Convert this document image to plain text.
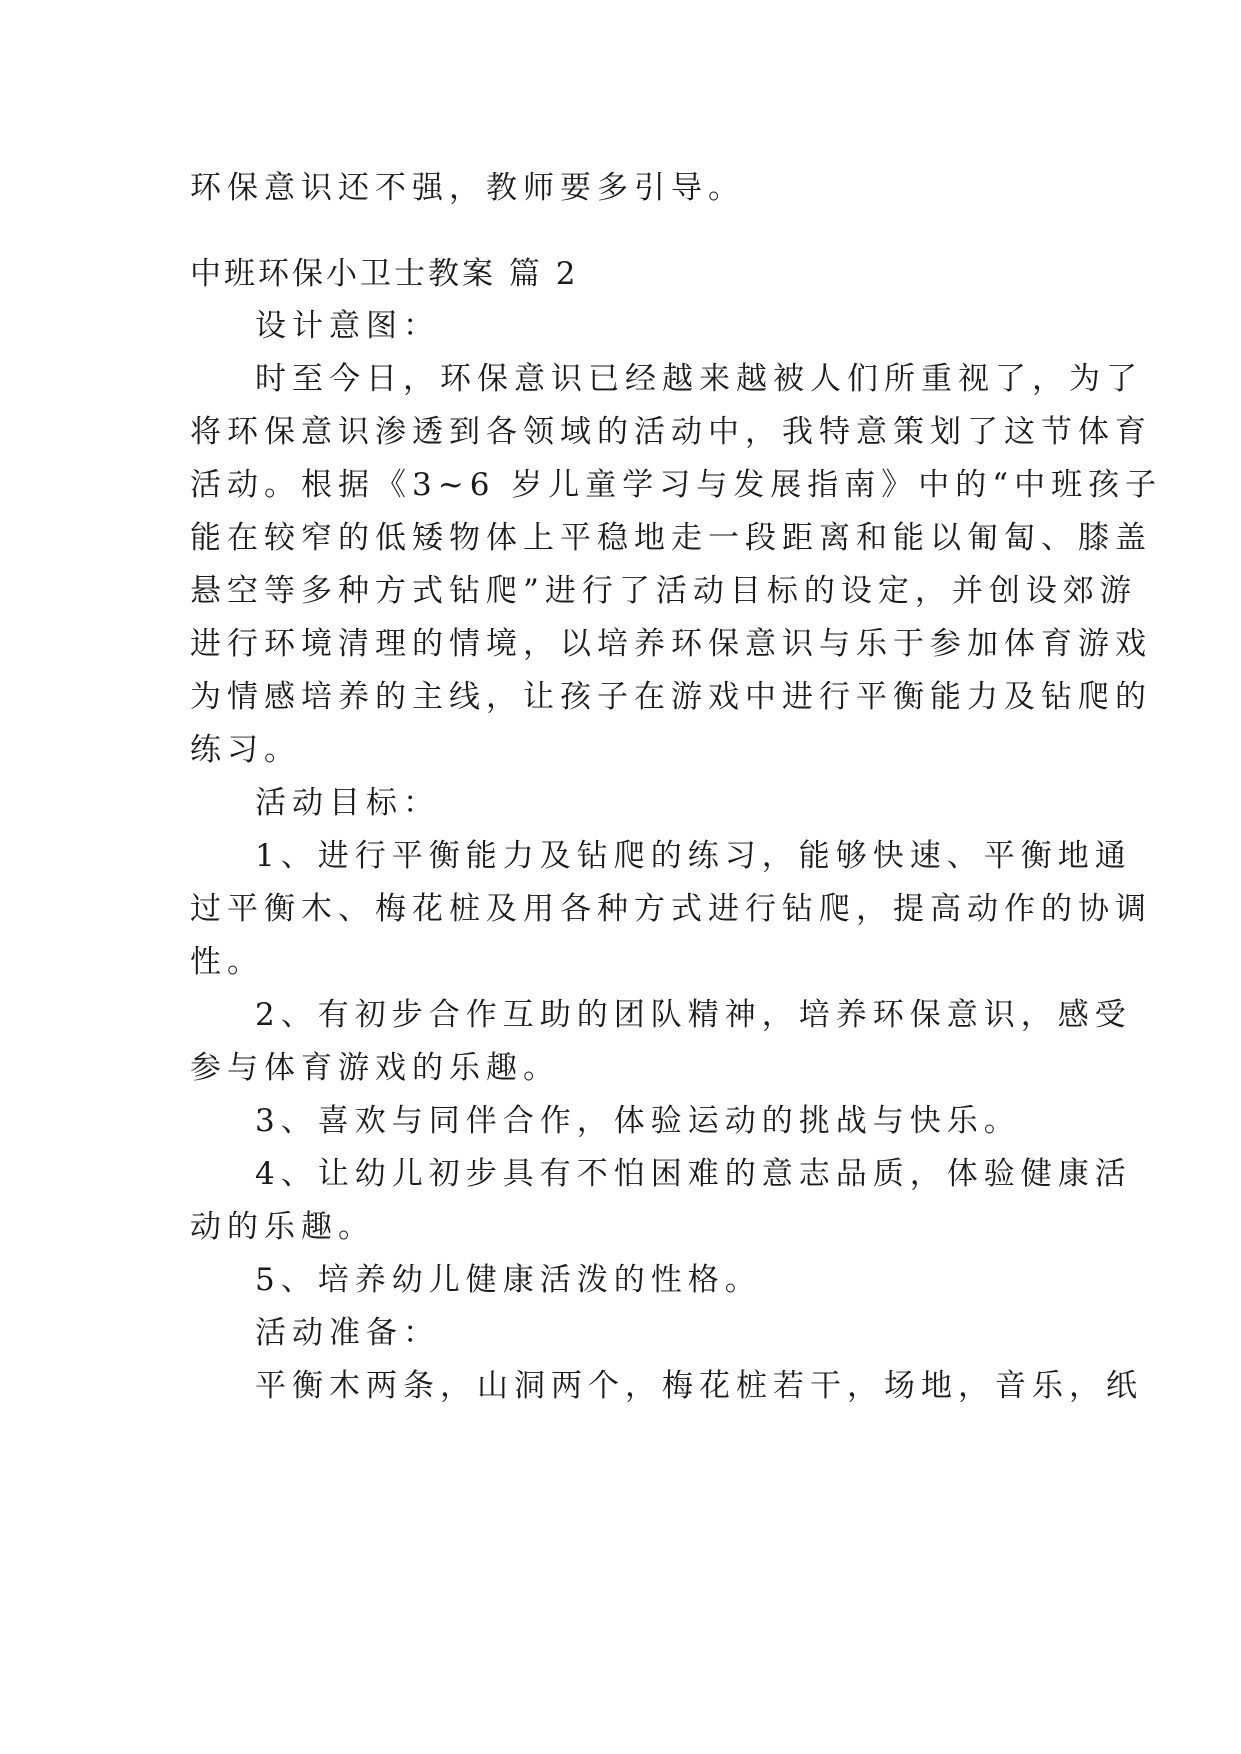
环保意识还不强，教师要多引导。
中班环保小卫士教案 篇 2
设计意图：
时至今日，环保意识已经越来越被人们所重视了，为了
将环保意识渗透到各领域的活动中，我特意策划了这节体育
活动。根据《3~6 岁儿童学习与发展指南》中的“中班孩子
能在较窄的低矮物体上平稳地走一段距离和能以匍匐、膝盖
悬空等多种方式钻爬”进行了活动目标的设定，并创设郊游
进行环境清理的情境，以培养环保意识与乐于参加体育游戏
为情感培养的主线，让孩子在游戏中进行平衡能力及钻爬的
练习。
活动目标：
1、进行平衡能力及钻爬的练习，能够快速、平衡地通
过平衡木、梅花桩及用各种方式进行钻爬，提高动作的协调
性。
2、有初步合作互助的团队精神，培养环保意识，感受
参与体育游戏的乐趣。
3、喜欢与同伴合作，体验运动的挑战与快乐。
4、让幼儿初步具有不怕困难的意志品质，体验健康活
动的乐趣。
5、培养幼儿健康活泼的性格。
活动准备：
平衡木两条，山洞两个，梅花桩若干，场地，音乐，纸
